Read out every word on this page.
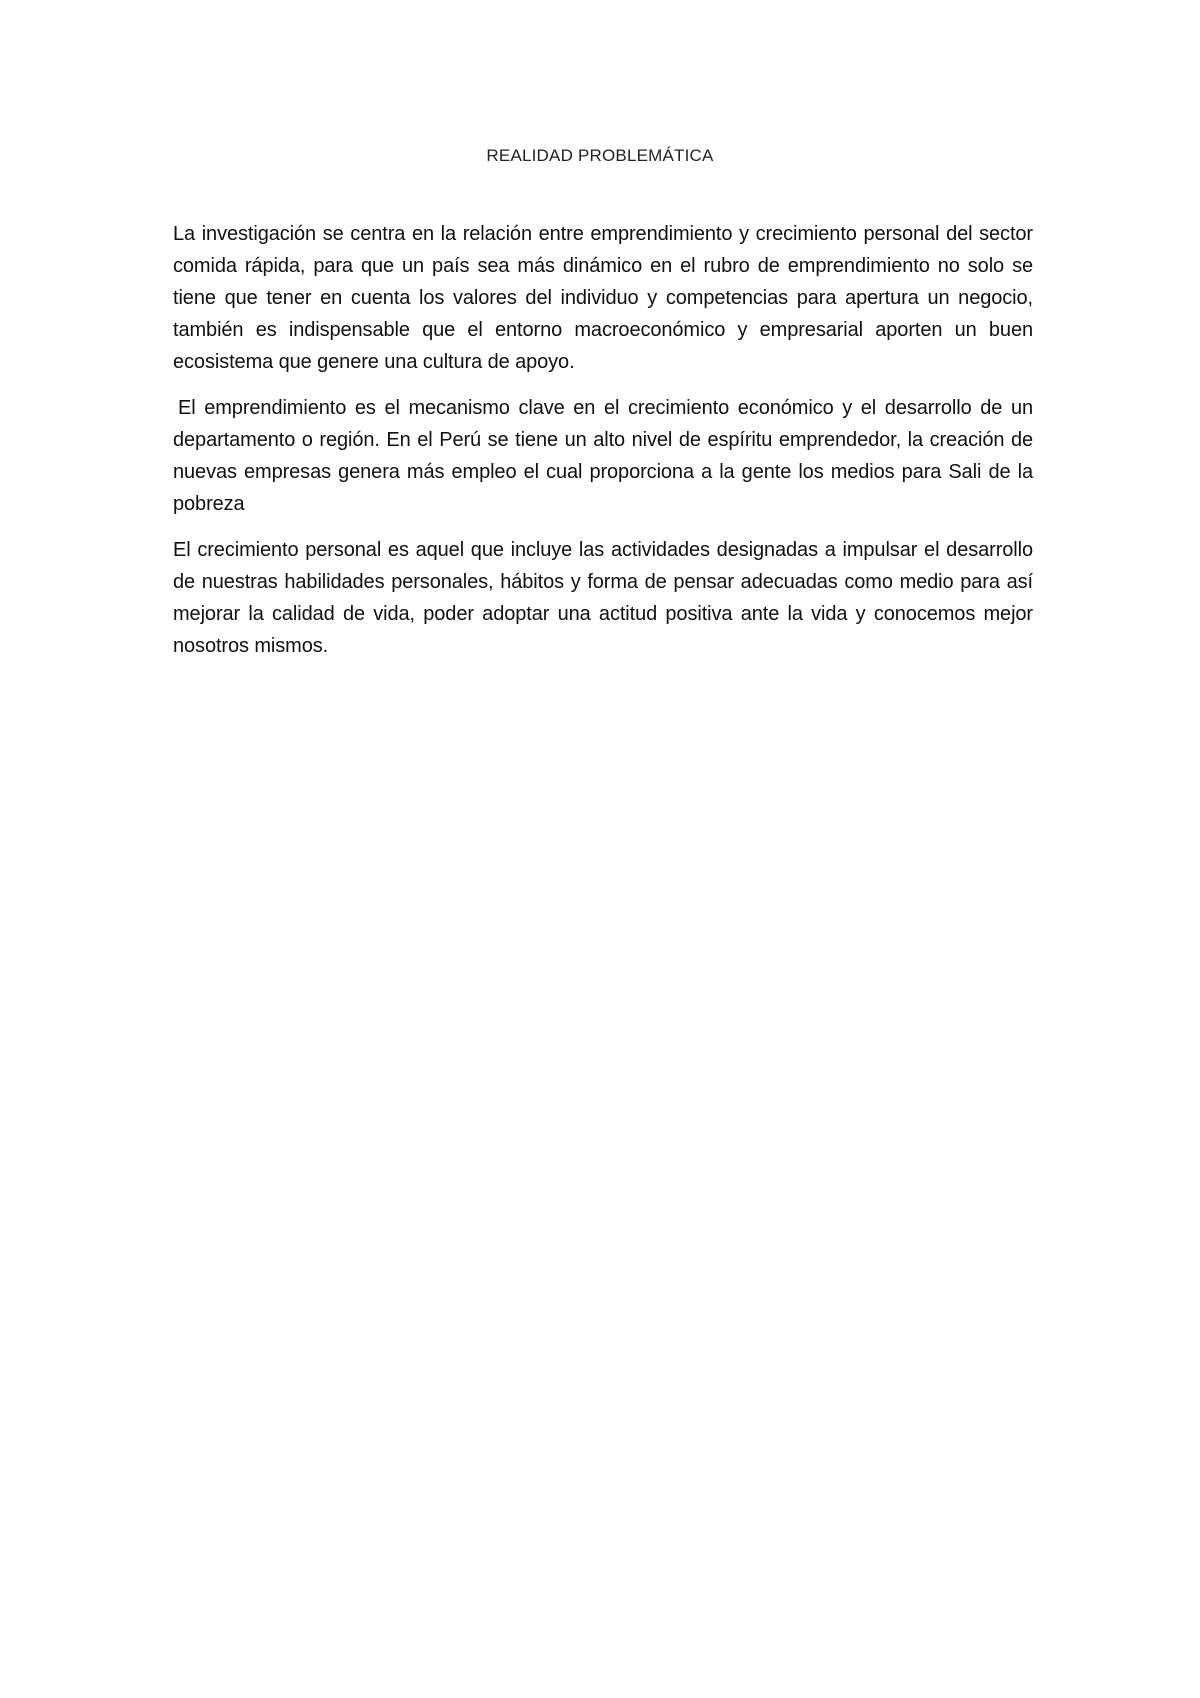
REALIDAD PROBLEMÁTICA

La investigación se centra en la relación entre emprendimiento y crecimiento personal del sector comida rápida, para que un país sea más dinámico en el rubro de emprendimiento no solo se tiene que tener en cuenta los valores del individuo y competencias para apertura un negocio, también es indispensable que el entorno macroeconómico y empresarial aporten un buen ecosistema que genere una cultura de apoyo.

El emprendimiento es el mecanismo clave en el crecimiento económico y el desarrollo de un departamento o región. En el Perú se tiene un alto nivel de espíritu emprendedor, la creación de nuevas empresas genera más empleo el cual proporciona a la gente los medios para Sali de la pobreza

El crecimiento personal es aquel que incluye las actividades designadas a impulsar el desarrollo de nuestras habilidades personales, hábitos y forma de pensar adecuadas como medio para así mejorar la calidad de vida, poder adoptar una actitud positiva ante la vida y conocemos mejor nosotros mismos.
